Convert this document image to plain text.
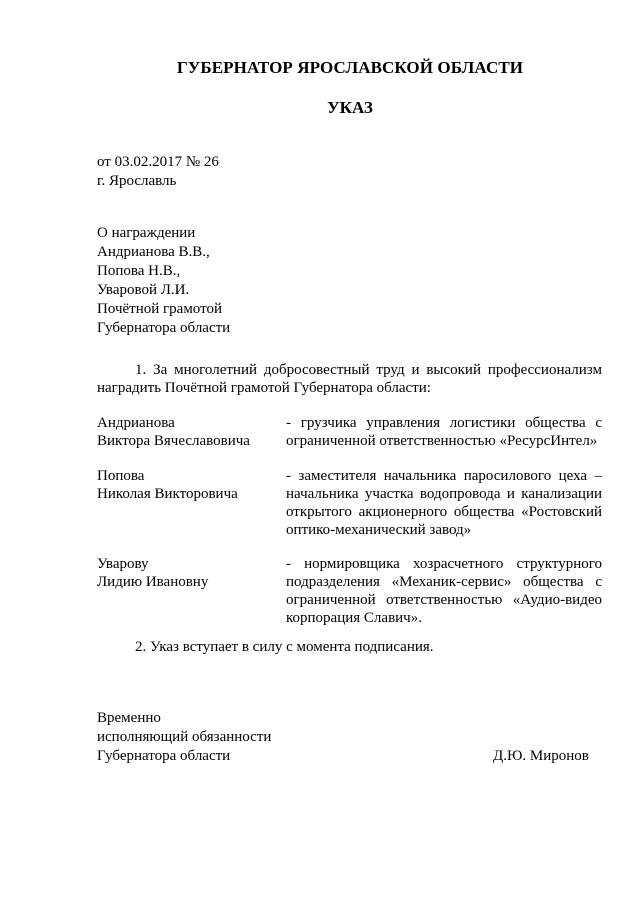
ГУБЕРНАТОР ЯРОСЛАВСКОЙ ОБЛАСТИ
УКАЗ
от 03.02.2017 № 26
г. Ярославль
О награждении
Андрианова В.В.,
Попова Н.В.,
Уваровой Л.И.
Почётной грамотой
Губернатора области
1. За многолетний добросовестный труд и высокий профессионализм наградить Почётной грамотой Губернатора области:
Андрианова
Виктора Вячеславовича
- грузчика управления логистики общества с ограниченной ответственностью «РесурсИнтел»
Попова
Николая Викторовича
- заместителя начальника паросилового цеха – начальника участка водопровода и канализации открытого акционерного общества «Ростовский оптико-механический завод»
Уварову
Лидию Ивановну
- нормировщика хозрасчетного структурного подразделения «Механик-сервис» общества с ограниченной ответственностью «Аудио-видео корпорация Славич».
2. Указ вступает в силу с момента подписания.
Временно
исполняющий обязанности
Губернатора области	Д.Ю. Миронов
